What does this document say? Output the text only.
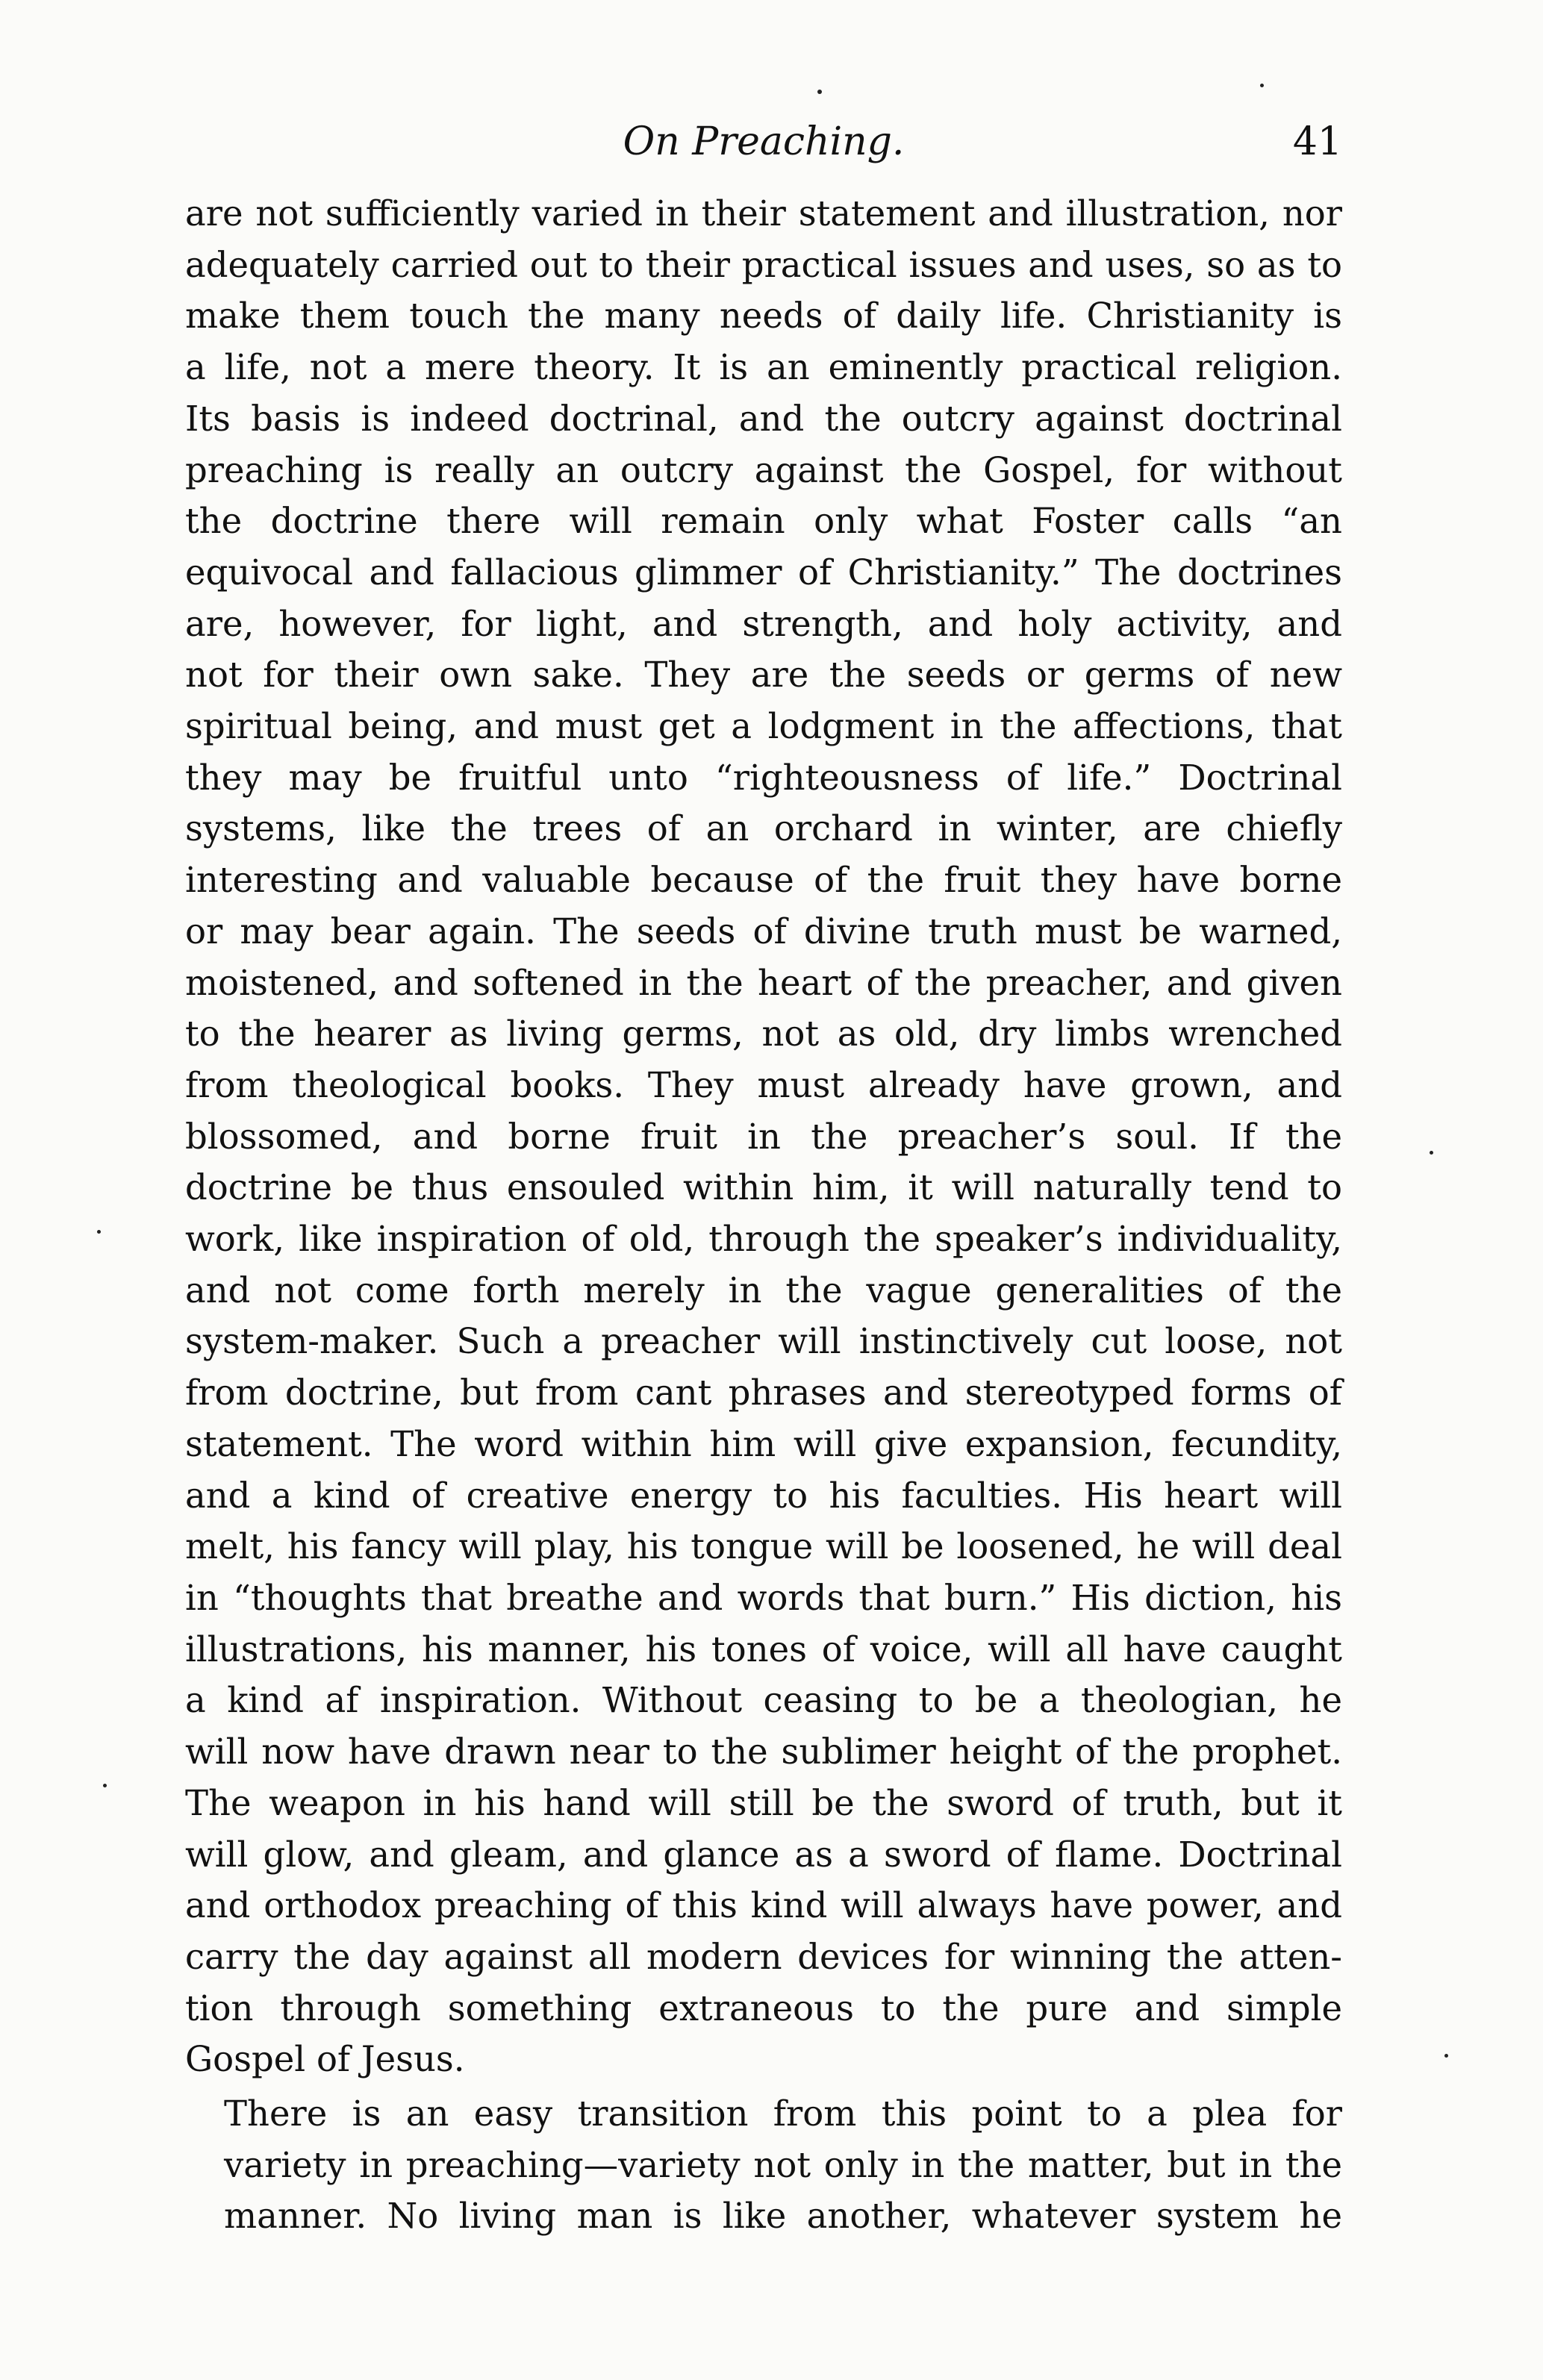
On Preaching.	41
are not sufficiently varied in their statement and illustration, nor
adequately carried out to their practical issues and uses, so as to
make them touch the many needs of daily life. Christianity is
a life, not a mere theory. It is an eminently practical religion.
Its basis is indeed doctrinal, and the outcry against doctrinal
preaching is really an outcry against the Gospel, for without
the doctrine there will remain only what Foster calls “an
equivocal and fallacious glimmer of Christianity.” The doctrines
are, however, for light, and strength, and holy activity, and
not for their own sake. They are the seeds or germs of new
spiritual being, and must get a lodgment in the affections, that
they may be fruitful unto “righteousness of life.” Doctrinal
systems, like the trees of an orchard in winter, are chiefly
interesting and valuable because of the fruit they have borne
or may bear again. The seeds of divine truth must be warned,
moistened, and softened in the heart of the preacher, and given
to the hearer as living germs, not as old, dry limbs wrenched
from theological books. They must already have grown, and
blossomed, and borne fruit in the preacher’s soul. If the
doctrine be thus ensouled within him, it will naturally tend to
work, like inspiration of old, through the speaker’s individuality,
and not come forth merely in the vague generalities of the
system-maker. Such a preacher will instinctively cut loose, not
from doctrine, but from cant phrases and stereotyped forms of
statement. The word within him will give expansion, fecundity,
and a kind of creative energy to his faculties. His heart will
melt, his fancy will play, his tongue will be loosened, he will deal
in “thoughts that breathe and words that burn.” His diction, his
illustrations, his manner, his tones of voice, will all have caught
a kind af inspiration. Without ceasing to be a theologian, he
will now have drawn near to the sublimer height of the prophet.
The weapon in his hand will still be the sword of truth, but it
will glow, and gleam, and glance as a sword of flame. Doctrinal
and orthodox preaching of this kind will always have power, and
carry the day against all modern devices for winning the atten-
tion through something extraneous to the pure and simple
Gospel of Jesus.
There is an easy transition from this point to a plea for
variety in preaching—variety not only in the matter, but in the
manner. No living man is like another, whatever system he
